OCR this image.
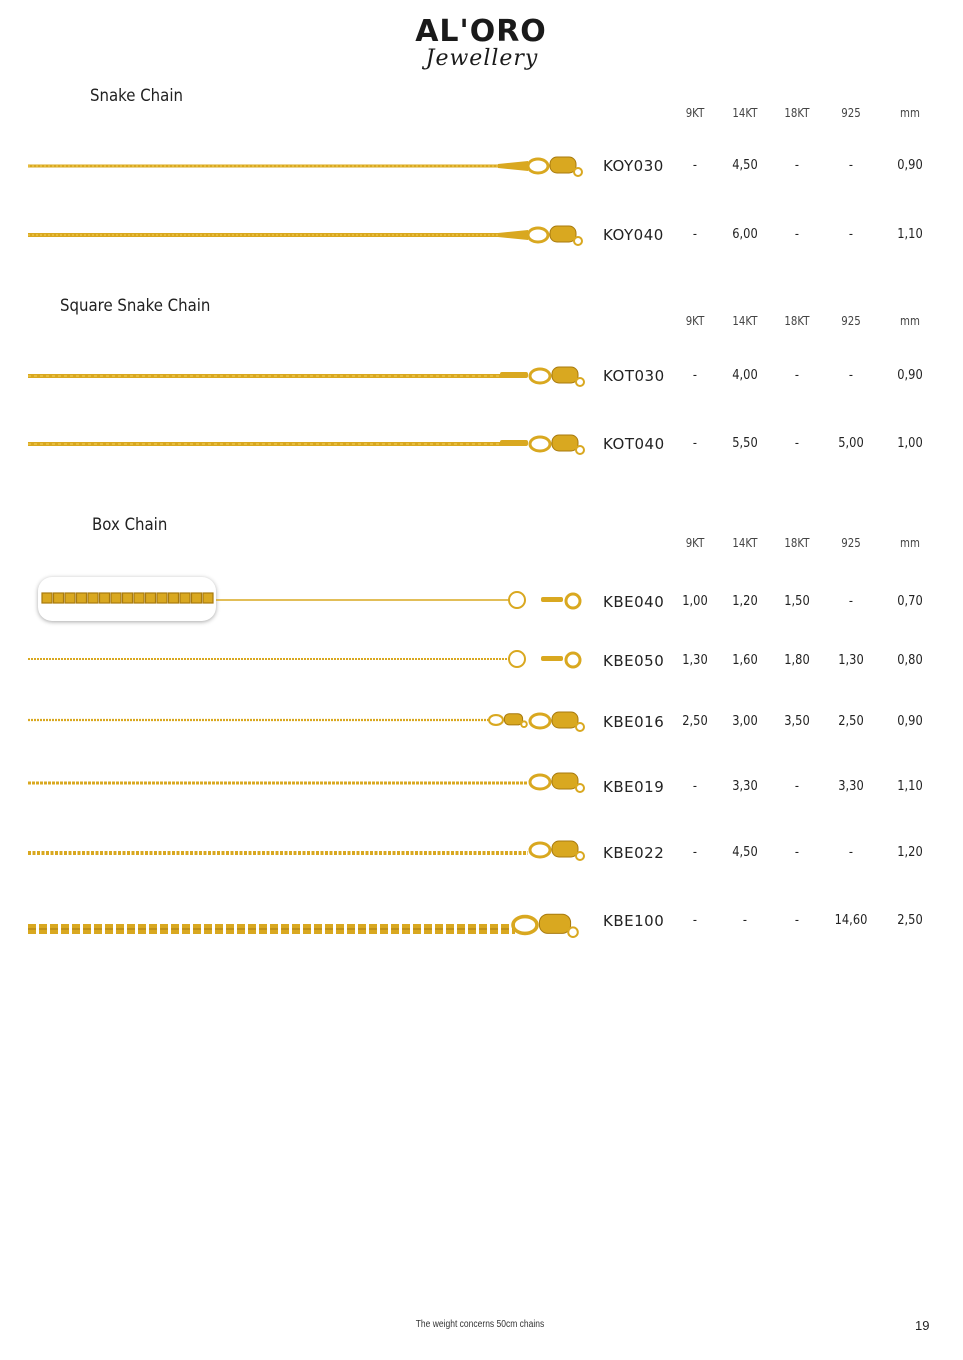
AL'ORO
Jewellery
Snake Chain
Square Snake Chain
Box Chain
9KT	14KT	18KT	925	mm
KOY030	-	4,50	-	-	0,90
KOY040	-	6,00	-	-	1,10
9KT	14KT	18KT	925	mm
KOT030	-	4,00	-	-	0,90
KOT040	-	5,50	-	5,00	1,00
9KT	14KT	18KT	925	mm
KBE040	1,00	1,20	1,50	-	0,70
KBE050	1,30	1,60	1,80	1,30	0,80
KBE016	2,50	3,00	3,50	2,50	0,90
KBE019	-	3,30	-	3,30	1,10
KBE022	-	4,50	-	-	1,20
KBE100	-	-	-	14,60	2,50
The weight concerns 50cm chains	19
